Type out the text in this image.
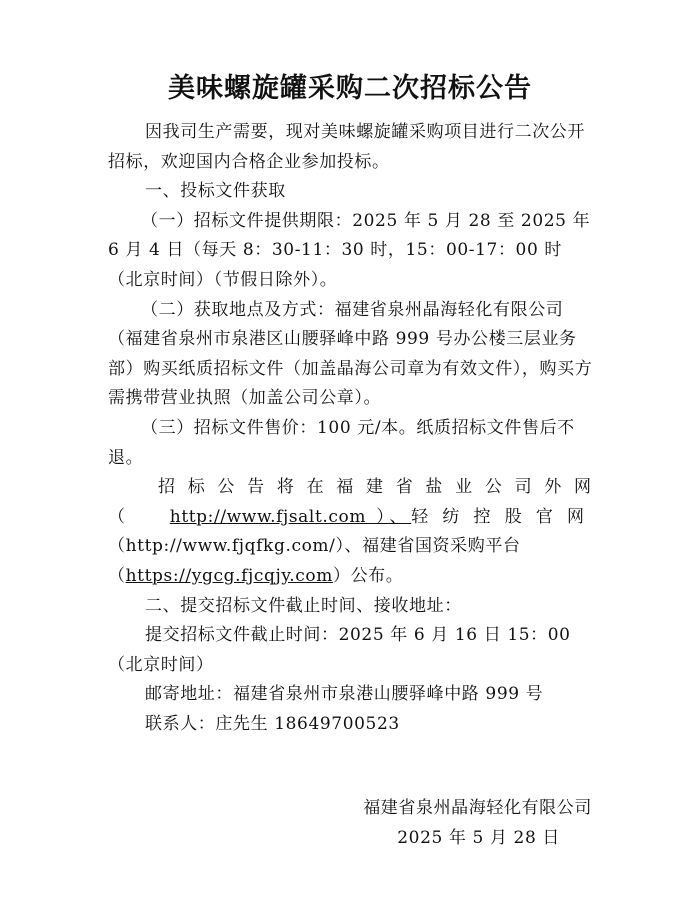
美味螺旋罐采购二次招标公告

因我司生产需要，现对美味螺旋罐采购项目进行二次公开招标，欢迎国内合格企业参加投标。

一、投标文件获取

（一）招标文件提供期限：2025 年 5 月 28 至 2025 年 6 月 4 日（每天 8：30-11：30 时，15：00-17：00 时（北京时间）（节假日除外）。

（二）获取地点及方式：福建省泉州晶海轻化有限公司（福建省泉州市泉港区山腰驿峰中路 999 号办公楼三层业务部）购买纸质招标文件（加盖晶海公司章为有效文件），购买方需携带营业执照（加盖公司公章）。

（三）招标文件售价：100 元/本。纸质招标文件售后不退。

招标公告将在福建省盐业公司外网

（ http://www.fjsalt.com ）、轻纺控股官网

（http://www.fjqfkg.com/）、福建省国资采购平台

（https://ygcg.fjcqjy.com）公布。

二、提交招标文件截止时间、接收地址：

提交招标文件截止时间：2025 年 6 月 16 日 15：00（北京时间）

邮寄地址：福建省泉州市泉港山腰驿峰中路 999 号

联系人：庄先生 18649700523

福建省泉州晶海轻化有限公司

2025 年 5 月 28 日
